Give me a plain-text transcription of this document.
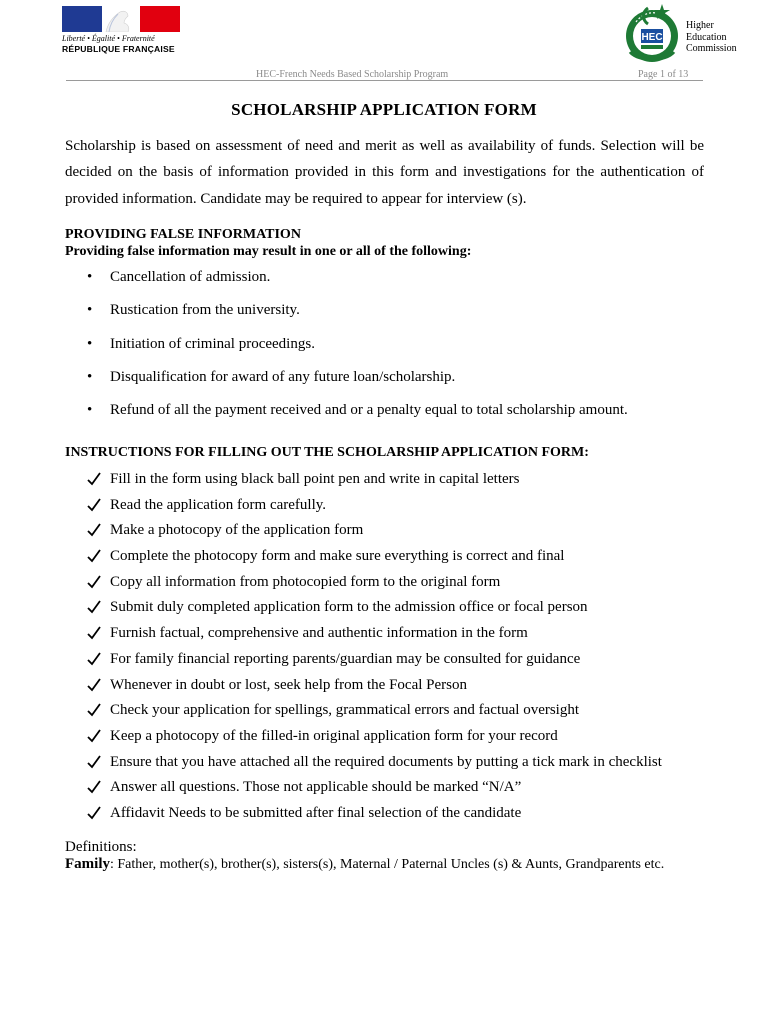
Liberté • Égalité • Fraternité
RÉPUBLIQUE FRANÇAISE
HEC
Higher
Education
Commission
HEC-French Needs Based Scholarship Program	Page 1 of 13
SCHOLARSHIP APPLICATION FORM
Scholarship is based on assessment of need and merit as well as availability of funds. Selection will be decided on the basis of information provided in this form and investigations for the authentication of provided information. Candidate may be required to appear for interview (s).
PROVIDING FALSE INFORMATION
Providing false information may result in one or all of the following:
• Cancellation of admission.
• Rustication from the university.
• Initiation of criminal proceedings.
• Disqualification for award of any future loan/scholarship.
• Refund of all the payment received and or a penalty equal to total scholarship amount.
INSTRUCTIONS FOR FILLING OUT THE SCHOLARSHIP APPLICATION FORM:
Fill in the form using black ball point pen and write in capital letters
Read the application form carefully.
Make a photocopy of the application form
Complete the photocopy form and make sure everything is correct and final
Copy all information from photocopied form to the original form
Submit duly completed application form to the admission office or focal person
Furnish factual, comprehensive and authentic information in the form
For family financial reporting parents/guardian may be consulted for guidance
Whenever in doubt or lost, seek help from the Focal Person
Check your application for spellings, grammatical errors and factual oversight
Keep a photocopy of the filled-in original application form for your record
Ensure that you have attached all the required documents by putting a tick mark in checklist
Answer all questions. Those not applicable should be marked “N/A”
Affidavit Needs to be submitted after final selection of the candidate
Definitions:
Family: Father, mother(s), brother(s), sisters(s), Maternal / Paternal Uncles (s) & Aunts, Grandparents etc.
